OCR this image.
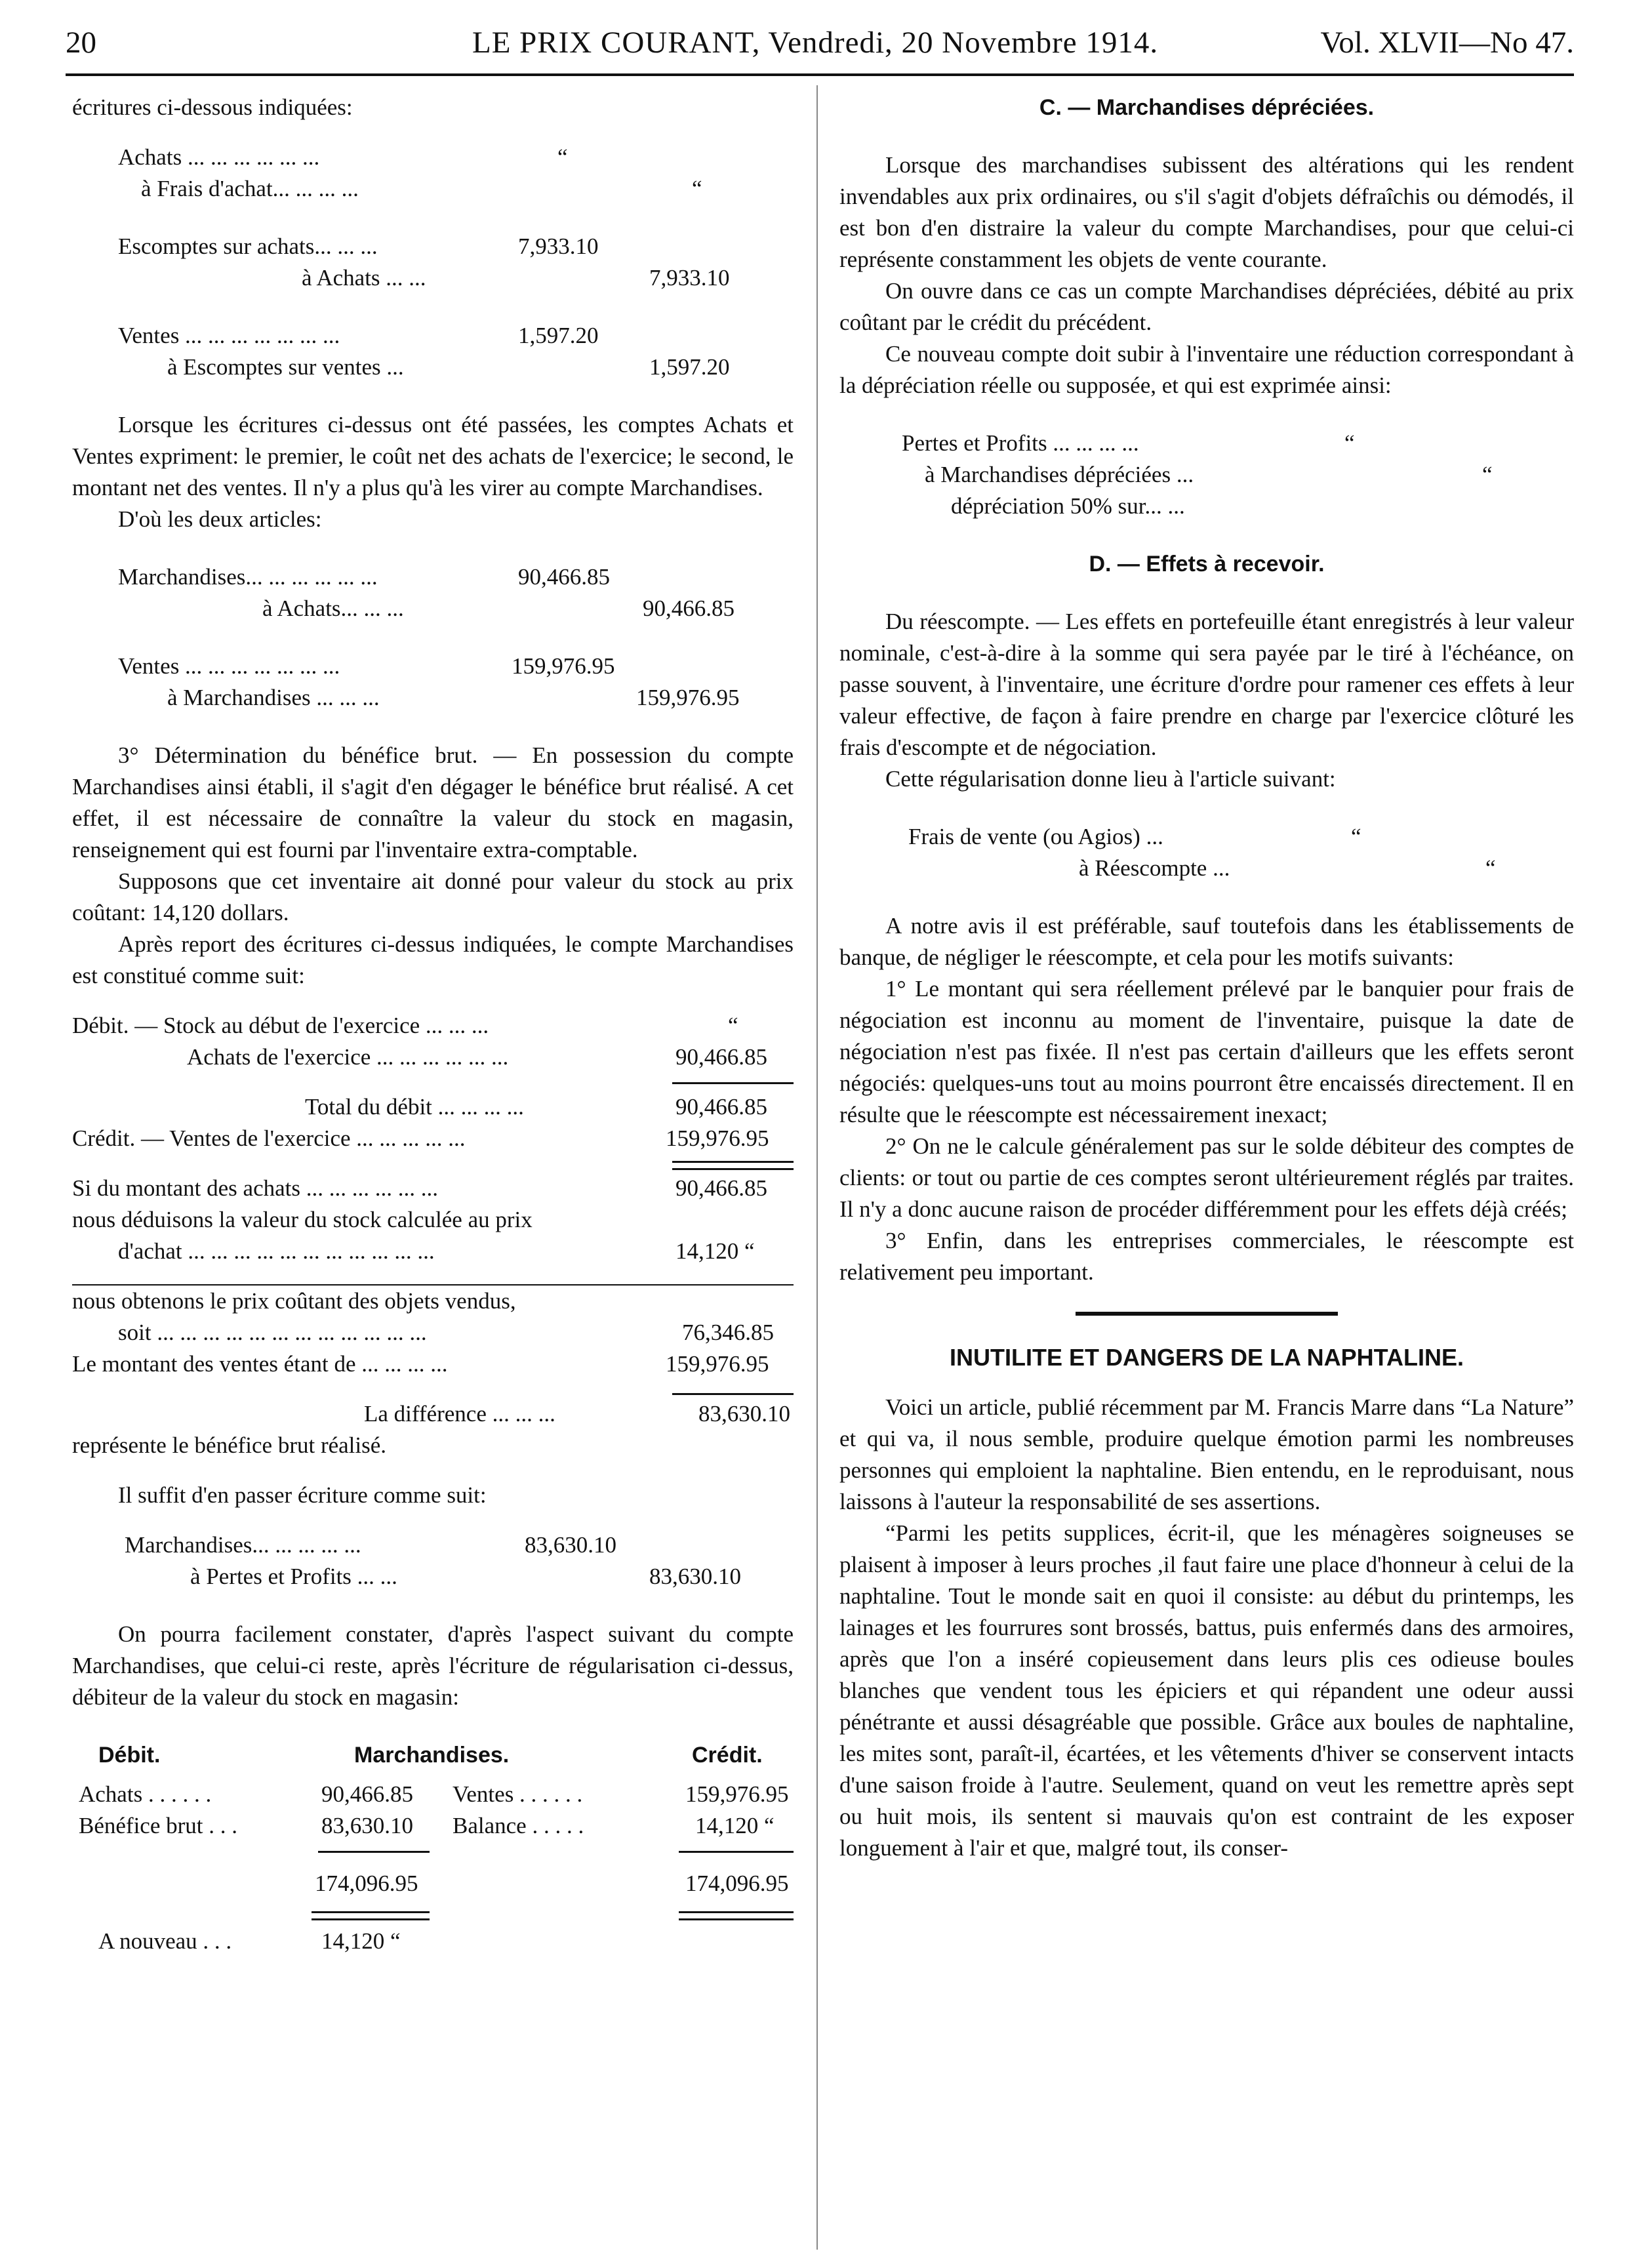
20	LE PRIX COURANT, Vendredi, 20 Novembre 1914.	Vol. XLVII—No 47.

écritures ci-dessous indiquées:

Achats ... ... ... ... ... ...	“
à Frais d'achat... ... ... ...	“
Escomptes sur achats... ... ...	7,933.10
à Achats ... ...	7,933.10
Ventes ... ... ... ... ... ... ...	1,597.20
à Escomptes sur ventes ...	1,597.20

Lorsque les écritures ci-dessus ont été passées, les comptes Achats et Ventes expriment: le premier, le coût net des achats de l'exercice; le second, le montant net des ventes. Il n'y a plus qu'à les virer au compte Marchandises.

D'où les deux articles:

Marchandises... ... ... ... ... ...	90,466.85
à Achats... ... ...	90,466.85
Ventes ... ... ... ... ... ... ...	159,976.95
à Marchandises ... ... ...	159,976.95

3° Détermination du bénéfice brut. — En possession du compte Marchandises ainsi établi, il s'agit d'en dégager le bénéfice brut réalisé. A cet effet, il est nécessaire de connaître la valeur du stock en magasin, renseignement qui est fourni par l'inventaire extra-comptable.

Supposons que cet inventaire ait donné pour valeur du stock au prix coûtant: 14,120 dollars.

Après report des écritures ci-dessus indiquées, le compte Marchandises est constitué comme suit:

Débit. — Stock au début de l'exercice ... ... ...	“
Achats de l'exercice ... ... ... ... ... ...	90,466.85
Total du débit ... ... ... ...	90,466.85
Crédit. — Ventes de l'exercice ... ... ... ... ...	159,976.95
Si du montant des achats ... ... ... ... ... ...	90,466.85
nous déduisons la valeur du stock calculée au prix
d'achat ... ... ... ... ... ... ... ... ... ... ...	14,120 “
nous obtenons le prix coûtant des objets vendus,
soit ... ... ... ... ... ... ... ... ... ... ... ...	76,346.85
Le montant des ventes étant de ... ... ... ...	159,976.95
La différence ... ... ...	83,630.10
représente le bénéfice brut réalisé.

Il suffit d'en passer écriture comme suit:

Marchandises... ... ... ... ...	83,630.10
à Pertes et Profits ... ...	83,630.10

On pourra facilement constater, d'après l'aspect suivant du compte Marchandises, que celui-ci reste, après l'écriture de régularisation ci-dessus, débiteur de la valeur du stock en magasin:

Débit.	Marchandises.	Crédit.
Achats . . . . . .	90,466.85 Ventes . . . . . .	159,976.95
Bénéfice brut . . .	83,630.10 Balance . . . . .	14,120 “
174,096.95	174,096.95
A nouveau . . .	14,120 “

C. — Marchandises dépréciées.

Lorsque des marchandises subissent des altérations qui les rendent invendables aux prix ordinaires, ou s'il s'agit d'objets défraîchis ou démodés, il est bon d'en distraire la valeur du compte Marchandises, pour que celui-ci représente constamment les objets de vente courante.

On ouvre dans ce cas un compte Marchandises dépréciées, débité au prix coûtant par le crédit du précédent.

Ce nouveau compte doit subir à l'inventaire une réduction correspondant à la dépréciation réelle ou supposée, et qui est exprimée ainsi:

Pertes et Profits ... ... ... ...	“
à Marchandises dépréciées ...	“
dépréciation 50% sur... ...

D. — Effets à recevoir.

Du réescompte. — Les effets en portefeuille étant enregistrés à leur valeur nominale, c'est-à-dire à la somme qui sera payée par le tiré à l'échéance, on passe souvent, à l'inventaire, une écriture d'ordre pour ramener ces effets à leur valeur effective, de façon à faire prendre en charge par l'exercice clôturé les frais d'escompte et de négociation.

Cette régularisation donne lieu à l'article suivant:

Frais de vente (ou Agios) ...	“
à Réescompte ...	“

A notre avis il est préférable, sauf toutefois dans les établissements de banque, de négliger le réescompte, et cela pour les motifs suivants:

1° Le montant qui sera réellement prélevé par le banquier pour frais de négociation est inconnu au moment de l'inventaire, puisque la date de négociation n'est pas fixée. Il n'est pas certain d'ailleurs que les effets seront négociés: quelques-uns tout au moins pourront être encaissés directement. Il en résulte que le réescompte est nécessairement inexact;

2° On ne le calcule généralement pas sur le solde débiteur des comptes de clients: or tout ou partie de ces comptes seront ultérieurement réglés par traites. Il n'y a donc aucune raison de procéder différemment pour les effets déjà créés;

3° Enfin, dans les entreprises commerciales, le réescompte est relativement peu important.

INUTILITE ET DANGERS DE LA NAPHTALINE.

Voici un article, publié récemment par M. Francis Marre dans “La Nature” et qui va, il nous semble, produire quelque émotion parmi les nombreuses personnes qui emploient la naphtaline. Bien entendu, en le reproduisant, nous laissons à l'auteur la responsabilité de ses assertions.

“Parmi les petits supplices, écrit-il, que les ménagères soigneuses se plaisent à imposer à leurs proches ,il faut faire une place d'honneur à celui de la naphtaline. Tout le monde sait en quoi il consiste: au début du printemps, les lainages et les fourrures sont brossés, battus, puis enfermés dans des armoires, après que l'on a inséré copieusement dans leurs plis ces odieuse boules blanches que vendent tous les épiciers et qui répandent une odeur aussi pénétrante et aussi désagréable que possible. Grâce aux boules de naphtaline, les mites sont, paraît-il, écartées, et les vêtements d'hiver se conservent intacts d'une saison froide à l'autre. Seulement, quand on veut les remettre après sept ou huit mois, ils sentent si mauvais qu'on est contraint de les exposer longuement à l'air et que, malgré tout, ils conser-
